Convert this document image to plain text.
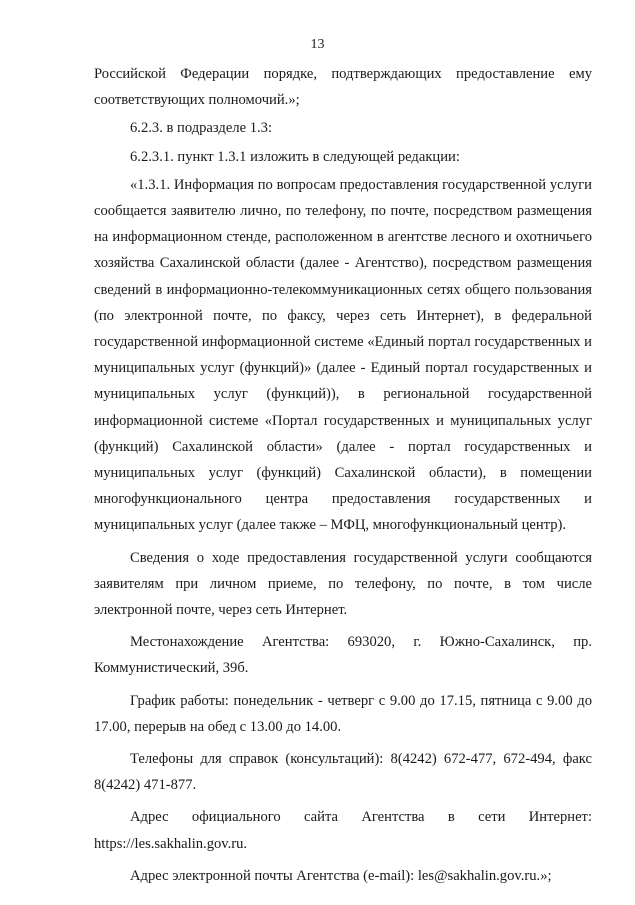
13

Российской Федерации порядке, подтверждающих предоставление ему соответствующих полномочий.»;

6.2.3. в подразделе 1.3:

6.2.3.1. пункт 1.3.1 изложить в следующей редакции:

«1.3.1. Информация по вопросам предоставления государственной услуги сообщается заявителю лично, по телефону, по почте, посредством размещения на информационном стенде, расположенном в агентстве лесного и охотничьего хозяйства Сахалинской области (далее - Агентство), посредством размещения сведений в информационно-телекоммуникационных сетях общего пользования (по электронной почте, по факсу, через сеть Интернет), в федеральной государственной информационной системе «Единый портал государственных и муниципальных услуг (функций)» (далее - Единый портал государственных и муниципальных услуг (функций)), в региональной государственной информационной системе «Портал государственных и муниципальных услуг (функций) Сахалинской области» (далее - портал государственных и муниципальных услуг (функций) Сахалинской области), в помещении многофункционального центра предоставления государственных и муниципальных услуг (далее также – МФЦ, многофункциональный центр).

Сведения о ходе предоставления государственной услуги сообщаются заявителям при личном приеме, по телефону, по почте, в том числе электронной почте, через сеть Интернет.

Местонахождение Агентства: 693020, г. Южно-Сахалинск, пр. Коммунистический, 39б.

График работы: понедельник - четверг с 9.00 до 17.15, пятница с 9.00 до 17.00, перерыв на обед с 13.00 до 14.00.

Телефоны для справок (консультаций): 8(4242) 672-477, 672-494, факс 8(4242) 471-877.

Адрес официального сайта Агентства в сети Интернет:

https://les.sakhalin.gov.ru.

Адрес электронной почты Агентства (e-mail): les@sakhalin.gov.ru.»;
